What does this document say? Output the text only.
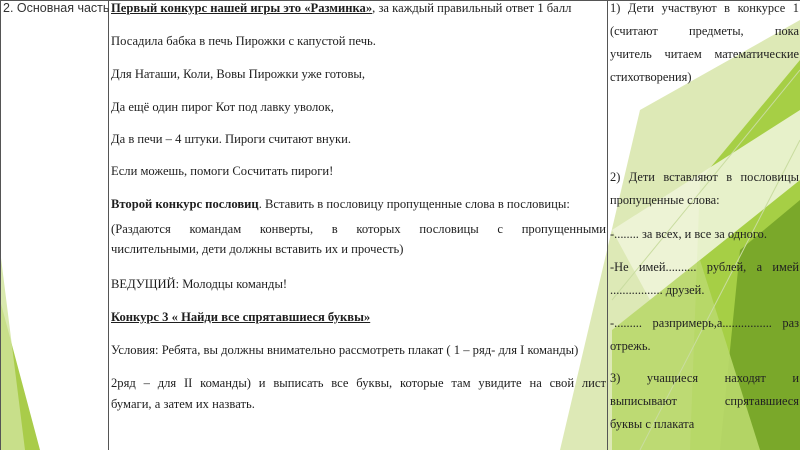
2. Основная часть Первый конкурс нашей игры это «Разминка», за каждый правильный ответ 1 балл
Посадила бабка в печь Пирожки с капустой печь.
Для Наташи, Коли, Вовы Пирожки уже готовы,
Да ещё один пирог Кот под лавку уволок,
Да в печи – 4 штуки. Пироги считают внуки.
Если можешь, помоги Сосчитать пироги!
Второй конкурс пословиц. Вставить в пословицу пропущенные слова в пословицы:
(Раздаются командам конверты, в которых пословицы с пропущенными
числительными, дети должны вставить их и прочесть)
ВЕДУЩИЙ: Молодцы команды!
Конкурс 3 « Найди все спрятавшиеся буквы»
Условия: Ребята, вы должны внимательно рассмотреть плакат ( 1 – ряд- для I команды)
2ряд – для II команды) и выписать все буквы, которые там увидите на свой лист
бумаги, а затем их назвать.
1) Дети участвуют в конкурсе 1
(считают предметы, пока
учитель читаем математические
стихотворения)
2) Дети вставляют в пословицы
пропущенные слова:
-........ за всех, и все за одного.
-Не имей.......... рублей, а имей
................. друзей.
-......... разпримерь,а................ раз
отрежь.
3) учащиеся находят и
выписывают спрятавшиеся
буквы с плаката
